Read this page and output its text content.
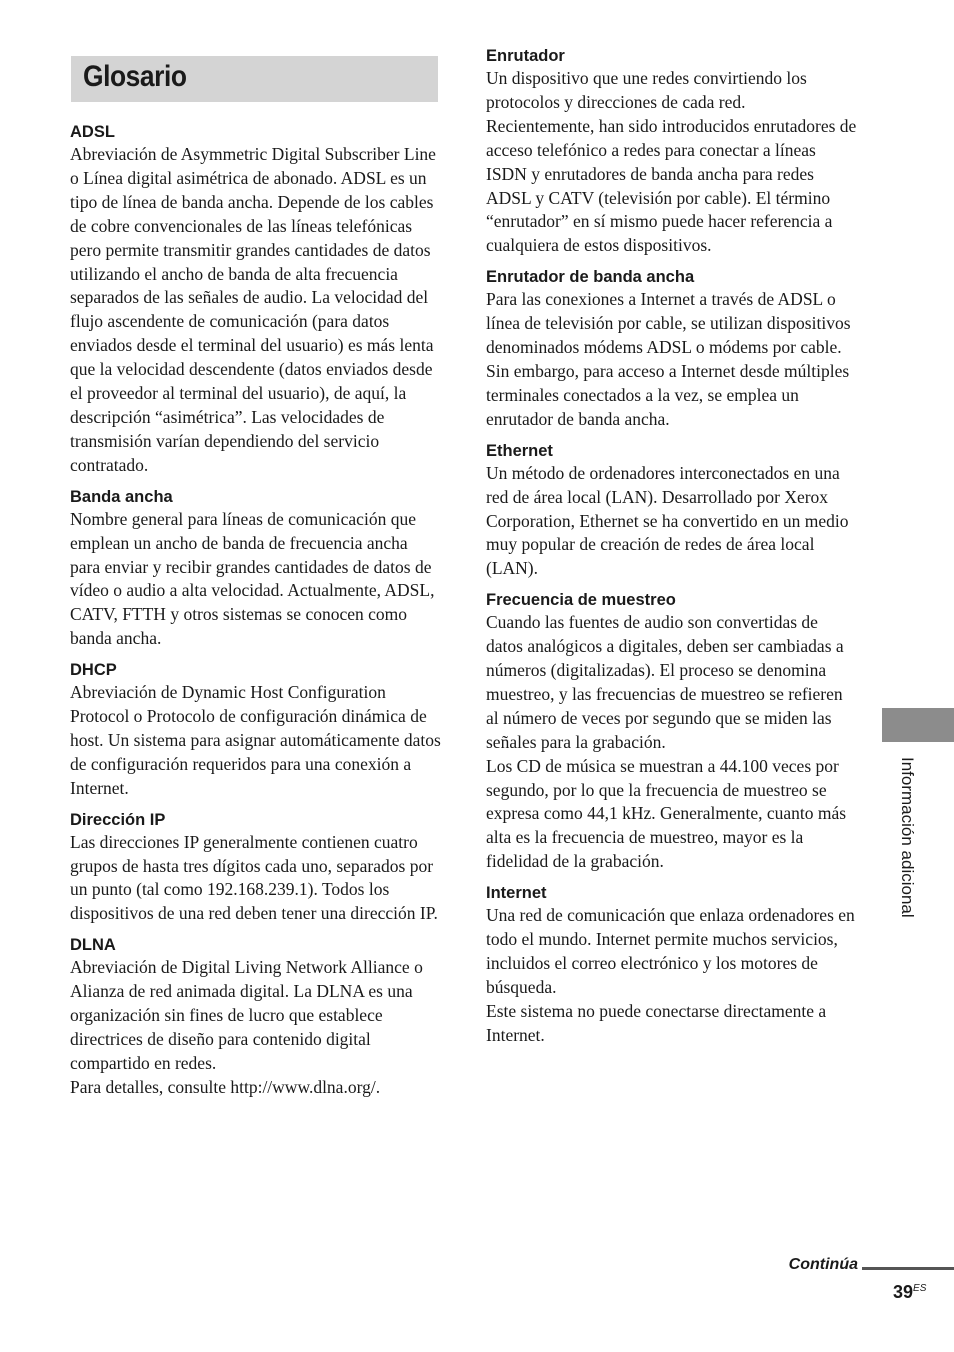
Glosario
ADSL

Abreviación de Asymmetric Digital Subscriber Line o Línea digital asimétrica de abonado. ADSL es un tipo de línea de banda ancha. Depende de los cables de cobre convencionales de las líneas telefónicas pero permite transmitir grandes cantidades de datos utilizando el ancho de banda de alta frecuencia separados de las señales de audio. La velocidad del flujo ascendente de comunicación (para datos enviados desde el terminal del usuario) es más lenta que la velocidad descendente (datos enviados desde el proveedor al terminal del usuario), de aquí, la descripción “asimétrica”. Las velocidades de transmisión varían dependiendo del servicio contratado.

Banda ancha

Nombre general para líneas de comunicación que emplean un ancho de banda de frecuencia ancha para enviar y recibir grandes cantidades de datos de vídeo o audio a alta velocidad. Actualmente, ADSL, CATV, FTTH y otros sistemas se conocen como banda ancha.

DHCP

Abreviación de Dynamic Host Configuration Protocol o Protocolo de configuración dinámica de host. Un sistema para asignar automáticamente datos de configuración requeridos para una conexión a Internet.

Dirección IP

Las direcciones IP generalmente contienen cuatro grupos de hasta tres dígitos cada uno, separados por un punto (tal como 192.168.239.1). Todos los dispositivos de una red deben tener una dirección IP.

DLNA

Abreviación de Digital Living Network Alliance o Alianza de red animada digital. La DLNA es una organización sin fines de lucro que establece directrices de diseño para contenido digital compartido en redes.

Para detalles, consulte http://www.dlna.org/.

Enrutador

Un dispositivo que une redes convirtiendo los protocolos y direcciones de cada red. Recientemente, han sido introducidos enrutadores de acceso telefónico a redes para conectar a líneas ISDN y enrutadores de banda ancha para redes ADSL y CATV (televisión por cable). El término “enrutador” en sí mismo puede hacer referencia a cualquiera de estos dispositivos.

Enrutador de banda ancha

Para las conexiones a Internet a través de ADSL o línea de televisión por cable, se utilizan dispositivos denominados módems ADSL o módems por cable. Sin embargo, para acceso a Internet desde múltiples terminales conectados a la vez, se emplea un enrutador de banda ancha.

Ethernet

Un método de ordenadores interconectados en una red de área local (LAN). Desarrollado por Xerox Corporation, Ethernet se ha convertido en un medio muy popular de creación de redes de área local (LAN).

Frecuencia de muestreo

Cuando las fuentes de audio son convertidas de datos analógicos a digitales, deben ser cambiadas a números (digitalizadas). El proceso se denomina muestreo, y las frecuencias de muestreo se refieren al número de veces por segundo que se miden las señales para la grabación.

Los CD de música se muestran a 44.100 veces por segundo, por lo que la frecuencia de muestreo se expresa como 44,1 kHz. Generalmente, cuanto más alta es la frecuencia de muestreo, mayor es la fidelidad de la grabación.

Internet

Una red de comunicación que enlaza ordenadores en todo el mundo. Internet permite muchos servicios, incluidos el correo electrónico y los motores de búsqueda.

Este sistema no puede conectarse directamente a Internet.

Información adicional
Continúa
$39^{ES}$
